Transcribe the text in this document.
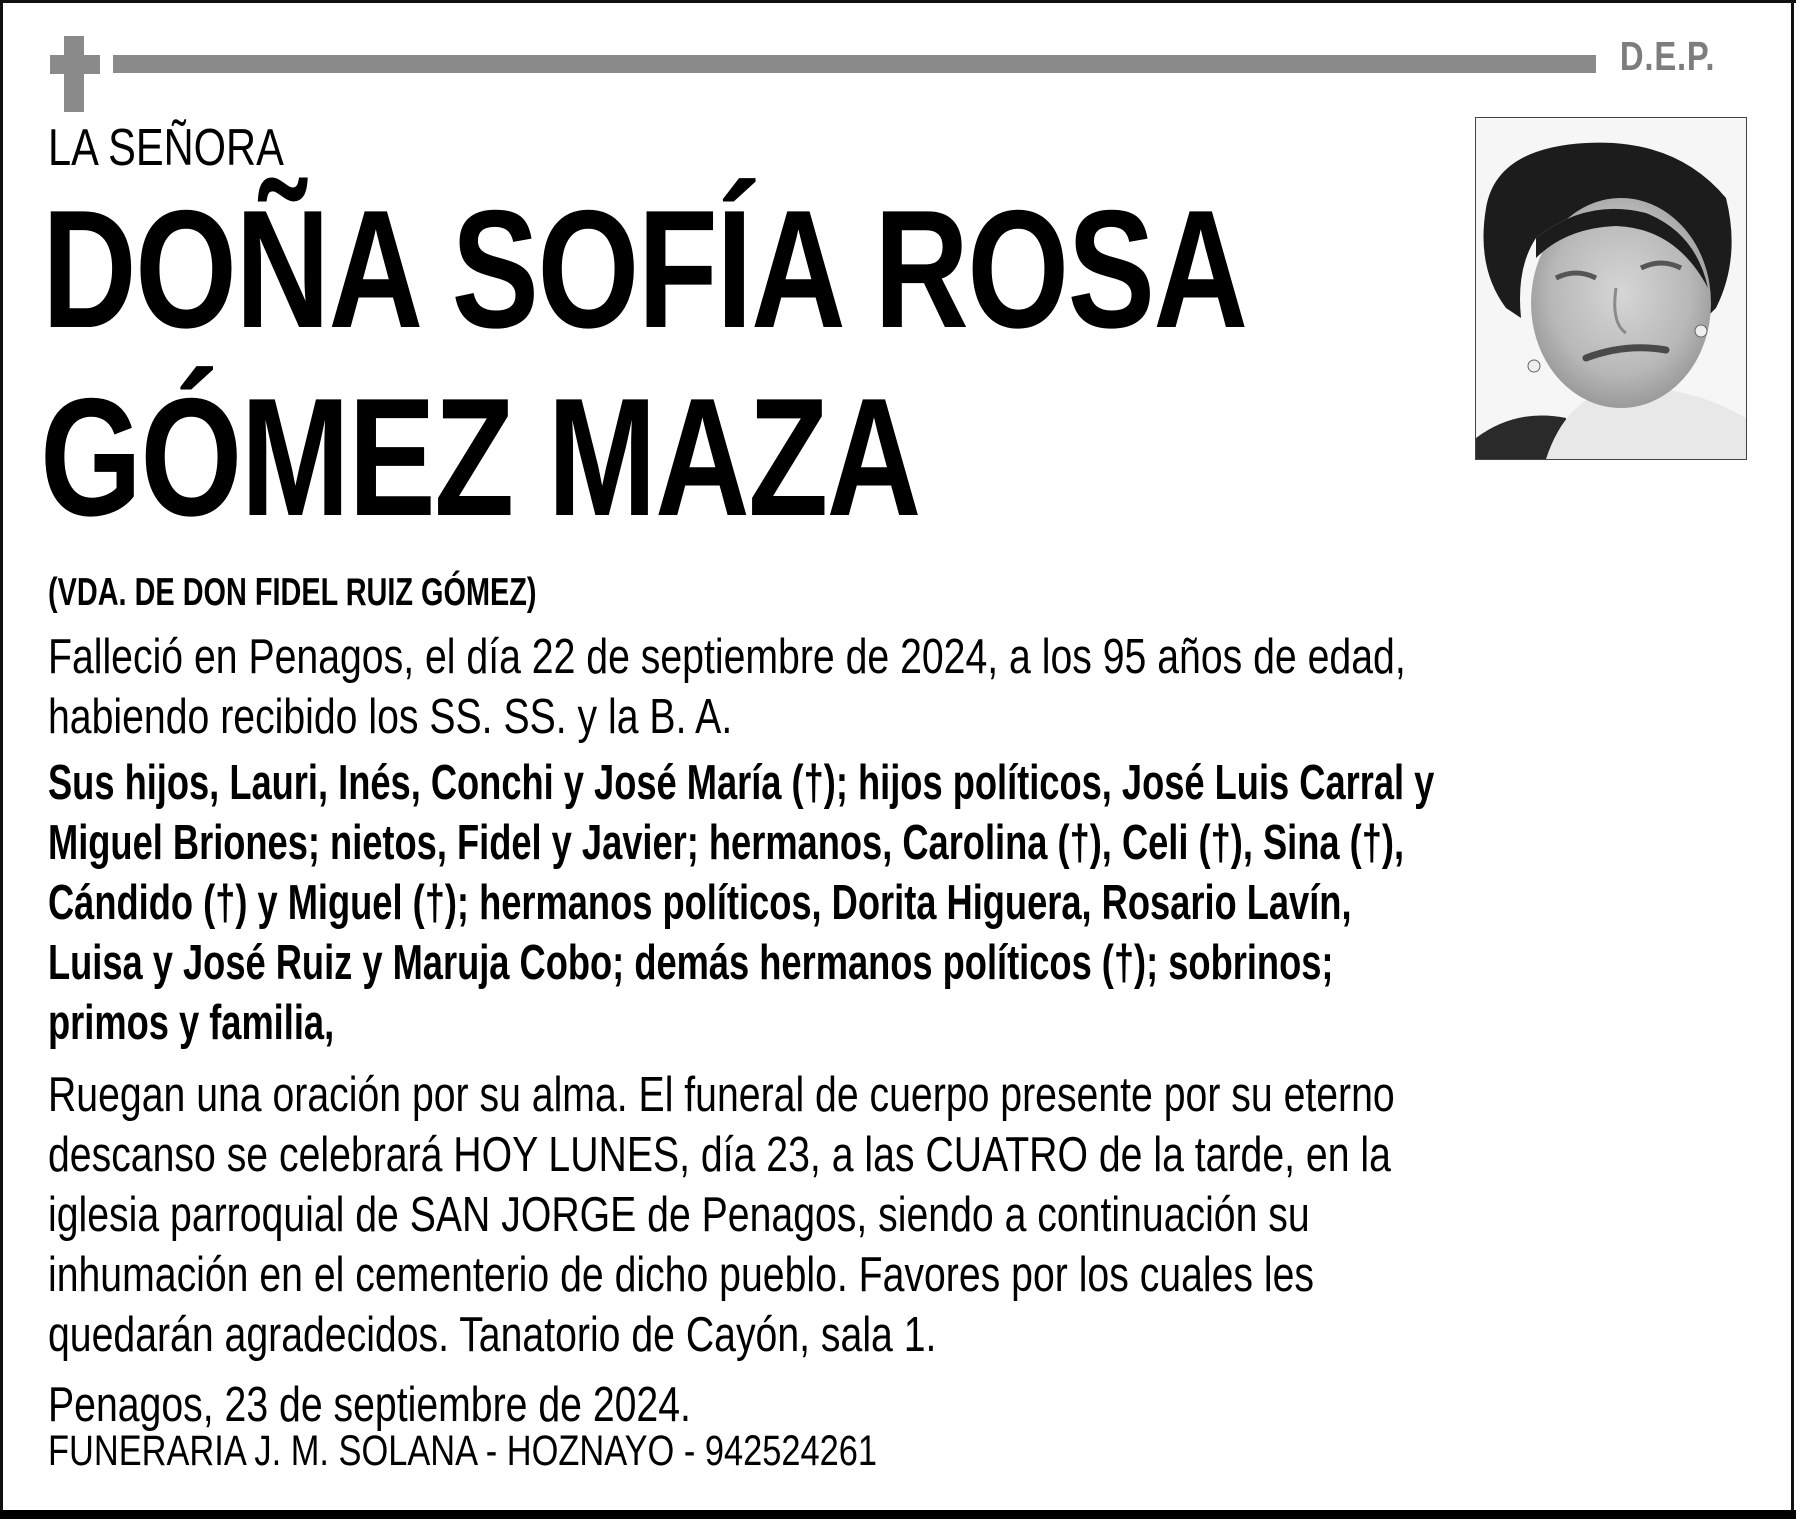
D.E.P.
LA SEÑORA
DOÑA SOFÍA ROSA
GÓMEZ MAZA
(VDA. DE DON FIDEL RUIZ GÓMEZ)
Falleció en Penagos, el día 22 de septiembre de 2024, a los 95 años de edad,
habiendo recibido los SS. SS. y la B. A.
Sus hijos, Lauri, Inés, Conchi y José María (†); hijos políticos, José Luis Carral y
Miguel Briones; nietos, Fidel y Javier; hermanos, Carolina (†), Celi (†), Sina (†),
Cándido (†) y Miguel (†); hermanos políticos, Dorita Higuera, Rosario Lavín,
Luisa y José Ruiz y Maruja Cobo; demás hermanos políticos (†); sobrinos;
primos y familia,
Ruegan una oración por su alma. El funeral de cuerpo presente por su eterno
descanso se celebrará HOY LUNES, día 23, a las CUATRO de la tarde, en la
iglesia parroquial de SAN JORGE de Penagos, siendo a continuación su
inhumación en el cementerio de dicho pueblo. Favores por los cuales les
quedarán agradecidos. Tanatorio de Cayón, sala 1.
Penagos, 23 de septiembre de 2024.
FUNERARIA J. M. SOLANA - HOZNAYO - 942524261
